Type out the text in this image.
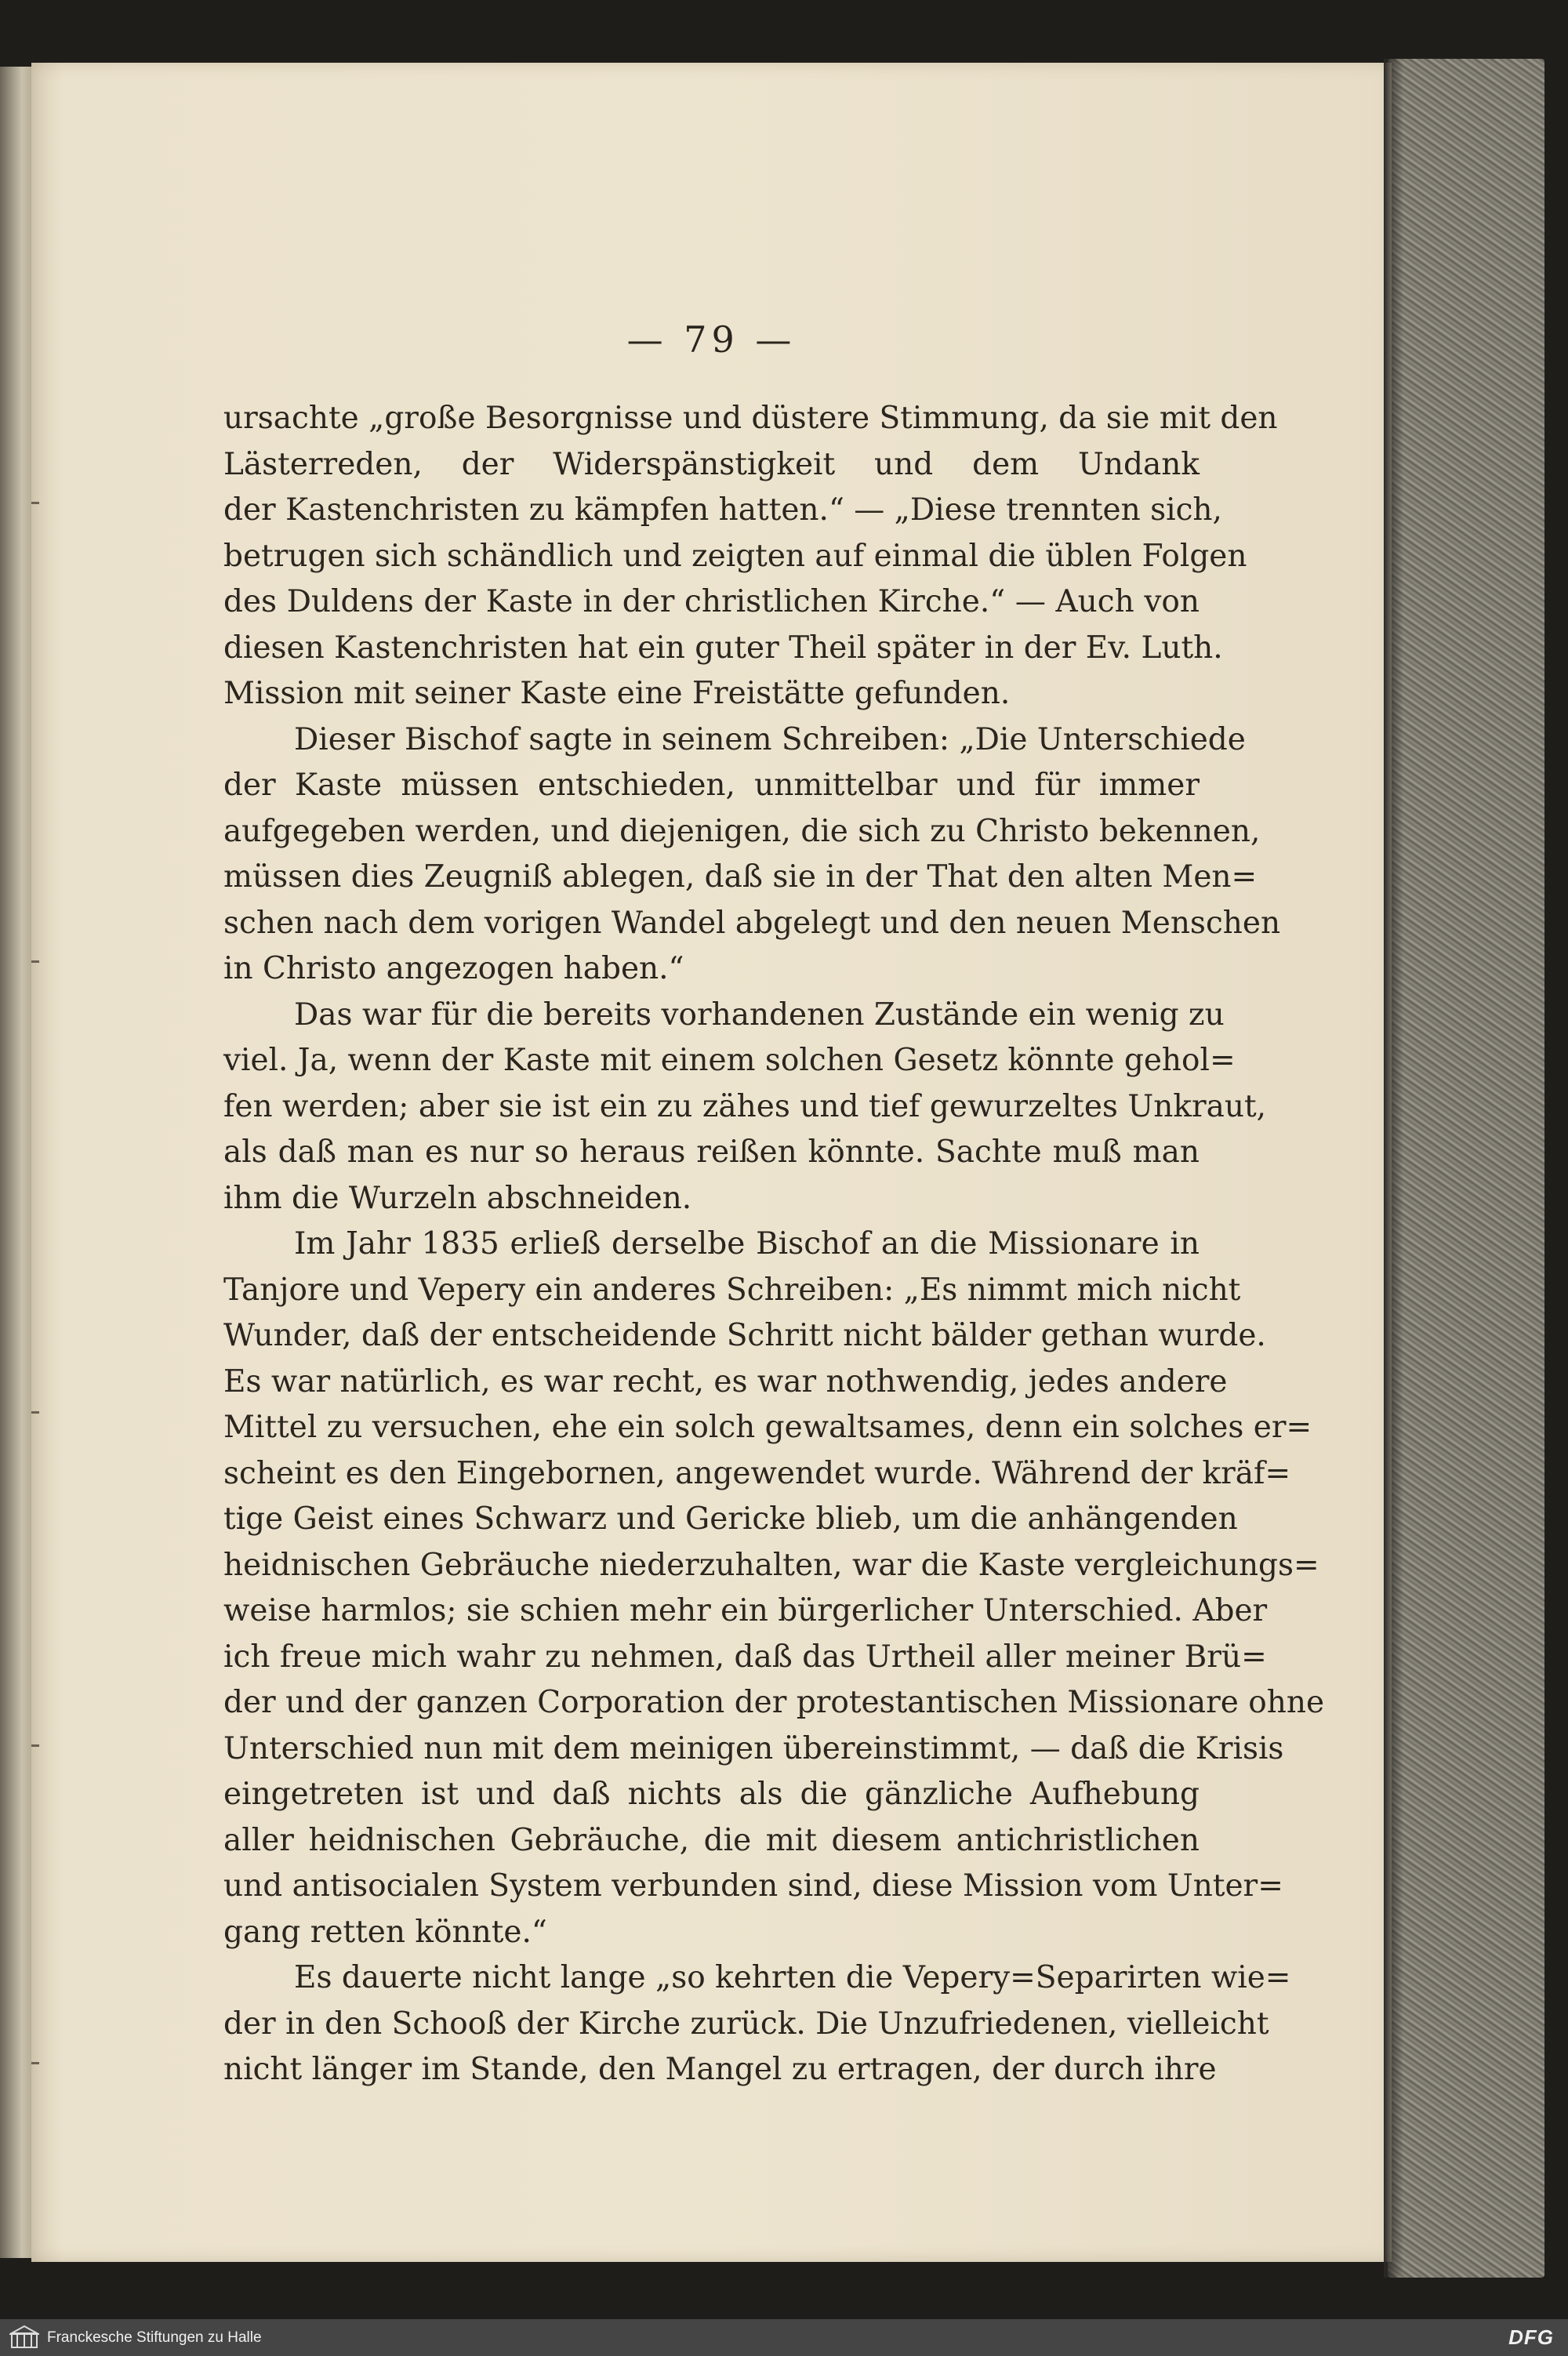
— 79 —
ursachte „große Besorgnisse und düstere Stimmung, da sie mit den
Lästerreden, der Widerspänstigkeit und dem Undank
der Kastenchristen zu kämpfen hatten.“ — „Diese trennten sich,
betrugen sich schändlich und zeigten auf einmal die üblen Folgen
des Duldens der Kaste in der christlichen Kirche.“ — Auch von
diesen Kastenchristen hat ein guter Theil später in der Ev. Luth.
Mission mit seiner Kaste eine Freistätte gefunden.
Dieser Bischof sagte in seinem Schreiben: „Die Unterschiede
der Kaste müssen entschieden, unmittelbar und für immer
aufgegeben werden, und diejenigen, die sich zu Christo bekennen,
müssen dies Zeugniß ablegen, daß sie in der That den alten Men=
schen nach dem vorigen Wandel abgelegt und den neuen Menschen
in Christo angezogen haben.“
Das war für die bereits vorhandenen Zustände ein wenig zu
viel. Ja, wenn der Kaste mit einem solchen Gesetz könnte gehol=
fen werden; aber sie ist ein zu zähes und tief gewurzeltes Unkraut,
als daß man es nur so heraus reißen könnte. Sachte muß man
ihm die Wurzeln abschneiden.
Im Jahr 1835 erließ derselbe Bischof an die Missionare in
Tanjore und Vepery ein anderes Schreiben: „Es nimmt mich nicht
Wunder, daß der entscheidende Schritt nicht bälder gethan wurde.
Es war natürlich, es war recht, es war nothwendig, jedes andere
Mittel zu versuchen, ehe ein solch gewaltsames, denn ein solches er=
scheint es den Eingebornen, angewendet wurde. Während der kräf=
tige Geist eines Schwarz und Gericke blieb, um die anhängenden
heidnischen Gebräuche niederzuhalten, war die Kaste vergleichungs=
weise harmlos; sie schien mehr ein bürgerlicher Unterschied. Aber
ich freue mich wahr zu nehmen, daß das Urtheil aller meiner Brü=
der und der ganzen Corporation der protestantischen Missionare ohne
Unterschied nun mit dem meinigen übereinstimmt, — daß die Krisis
eingetreten ist und daß nichts als die gänzliche Aufhebung
aller heidnischen Gebräuche, die mit diesem antichristlichen
und antisocialen System verbunden sind, diese Mission vom Unter=
gang retten könnte.“
Es dauerte nicht lange „so kehrten die Vepery=Separirten wie=
der in den Schooß der Kirche zurück. Die Unzufriedenen, vielleicht
nicht länger im Stande, den Mangel zu ertragen, der durch ihre
Franckesche Stiftungen zu Halle	DFG
